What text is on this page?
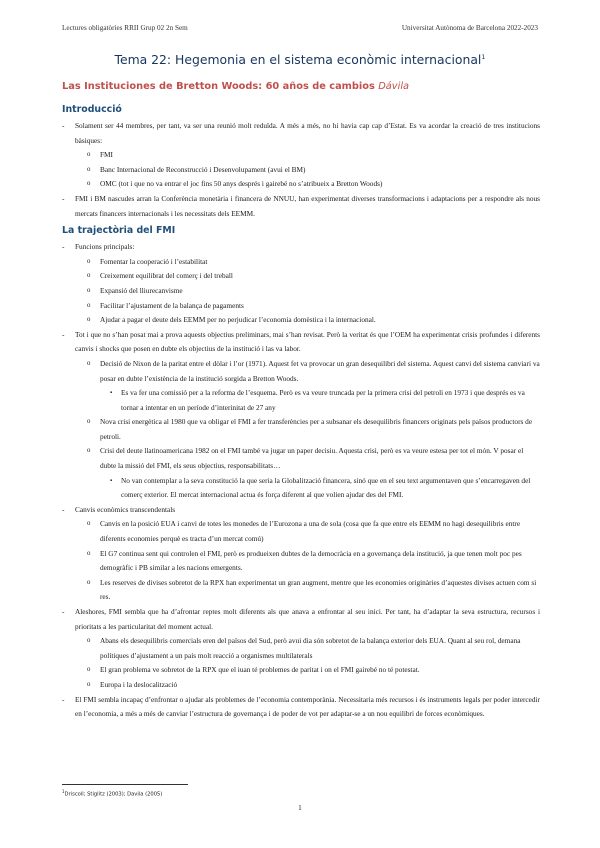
Lectures obligatòries RRII Grup 02 2n Sem	Universitat Autònoma de Barcelona 2022-2023
Tema 22: Hegemonia en el sistema econòmic internacional$^1$
Las Instituciones de Bretton Woods: 60 años de cambios Dávila
Introducció
- Solament ser 44 membres, per tant, va ser una reunió molt reduïda. A més a més, no hi havia cap cap d’Estat. Es va acordar la creació de tres institucions bàsiques:
o FMI
o Banc Internacional de Reconstrucció i Desenvolupament (avui el BM)
o OMC (tot i que no va entrar el joc fins 50 anys després i gairebé no s’atribueix a Bretton Woods)
- FMI i BM nascudes arran la Conferència monetària i financera de NNUU, han experimentat diverses transformacions i adaptacions per a respondre als nous mercats financers internacionals i les necessitats dels EEMM.
La trajectòria del FMI
- Funcions principals:
o Fomentar la cooperació i l’estabilitat
o Creixement equilibrat del comerç i del treball
o Expansió del lliurecanvisme
o Facilitar l’ajustament de la balança de pagaments
o Ajudar a pagar el deute dels EEMM per no perjudicar l’economia domèstica i la internacional.
- Tot i que no s’han posat mai a prova aquests objectius preliminars, mai s’han revisat. Però la veritat és que l’OEM ha experimentat crisis profundes i diferents canvis i shocks que posen en dubte els objectius de la institució i las va labor.
o Decisió de Nixon de la paritat entre el dòlar i l’or (1971). Aquest fet va provocar un gran desequilibri del sistema. Aquest canvi del sistema canviari va posar en dubte l’existència de la institució sorgida a Bretton Woods.
▪ Es va fer una comissió per a la reforma de l’esquema. Però es va veure truncada per la primera crisi del petroli en 1973 i que després es va tornar a intentar en un període d’interinitat de 27 any
o Nova crisi energètica al 1980 que va obligar el FMI a fer transferències per a subsanar els desequilibris financers originats pels països productors de petroli.
o Crisi del deute llatinoamericana 1982 on el FMI també va jugar un paper decisiu. Aquesta crisi, però es va veure estesa per tot el món. V posar el dubte la missió del FMI, els seus objectius, responsabilitats…
▪ No van contemplar a la seva constitució la que seria la Globalització financera, sinó que en el seu text argumentaven que s’encarregaven del comerç exterior. El mercat internacional actua és força diferent al que volien ajudar des del FMI.
- Canvis econòmics transcendentals
o Canvis en la posició EUA i canvi de totes les monedes de l’Eurozona a una de sola (cosa que fa que entre els EEMM no hagi desequilibris entre diferents economies perquè es tracta d’un mercat comú)
o El G7 continua sent qui controlen el FMI, però es produeixen dubtes de la democràcia en a governança dela institució, ja que tenen molt poc pes demogràfic i PB similar a les nacions emergents.
o Les reserves de divises sobretot de la RPX han experimentat un gran augment, mentre que les economies originàries d’aquestes divises actuen com si res.
- Aleshores, FMI sembla que ha d’afrontar reptes molt diferents als que anava a enfrontar al seu inici. Per tant, ha d’adaptar la seva estructura, recursos i prioritats a les particularitat del moment actual.
o Abans els desequilibris comercials eren del països del Sud, però avui dia són sobretot de la balança exterior dels EUA. Quant al seu rol, demana polítiques d’ajustament a un país molt reacció a organismes multilaterals
o El gran problema ve sobretot de la RPX que el iuan té problemes de paritat i on el FMI gairebé no té potestat.
o Europa i la deslocalització
- El FMI sembla incapaç d’enfrontar o ajudar als problemes de l’economia contemporània. Necessitaria més recursos i és instruments legals per poder intercedir en l’economia, a més a més de canviar l’estructura de governança i de poder de vot per adaptar-se a un nou equilibri de forces econòmiques.
$^1$Driscoll; Stiglitz (2003); Davila (2005)
1
